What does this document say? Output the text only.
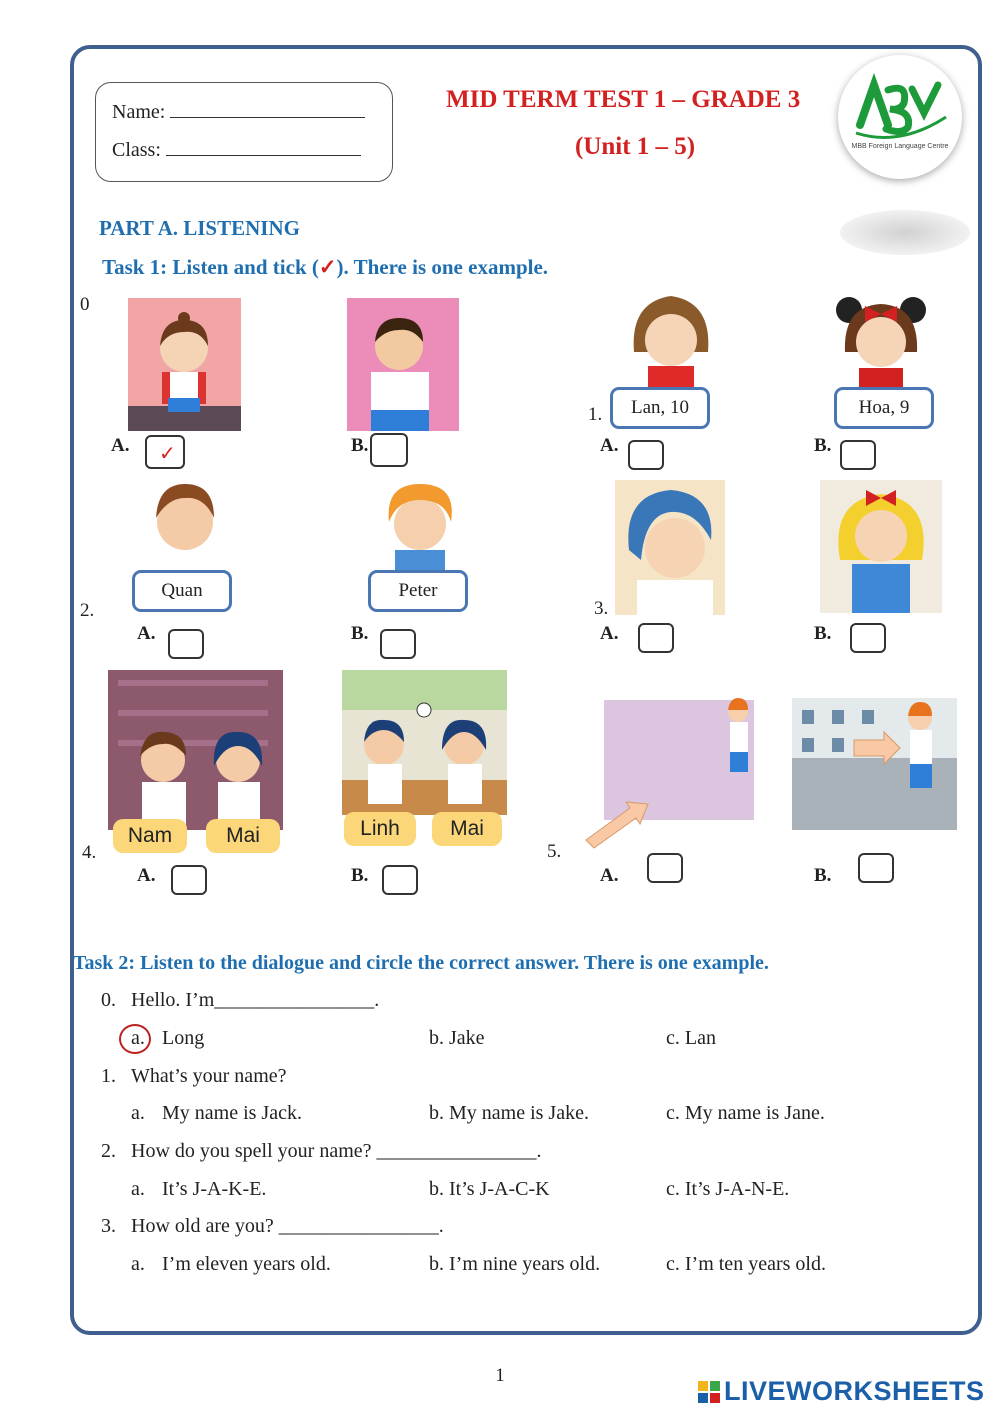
Name:
Class:
MID TERM TEST 1 – GRADE 3
(Unit 1 – 5)	MBB Foreign Language Centre
PART A. LISTENING
Task 1: Listen and tick (✓). There is one example.
0
A. ✓	B.
1.	Lan, 10	Hoa, 9
A.	B.
Quan	Peter
2.
A.	B.
3.
A.	B.
Nam	Mai	Linh	Mai
4.
A.	B.
5.
A.	B.
Task 2: Listen to the dialogue and circle the correct answer. There is one example.
0. Hello. I’m________________.
a. Long	b. Jake	c. Lan
1. What’s your name?
a. My name is Jack.	b. My name is Jake.	c. My name is Jane.
2. How do you spell your name? ________________.
a. It’s J-A-K-E.	b. It’s J-A-C-K	c. It’s J-A-N-E.
3. How old are you? ________________.
a. I’m eleven years old.	b. I’m nine years old.	c. I’m ten years old.
1
LIVEWORKSHEETS
